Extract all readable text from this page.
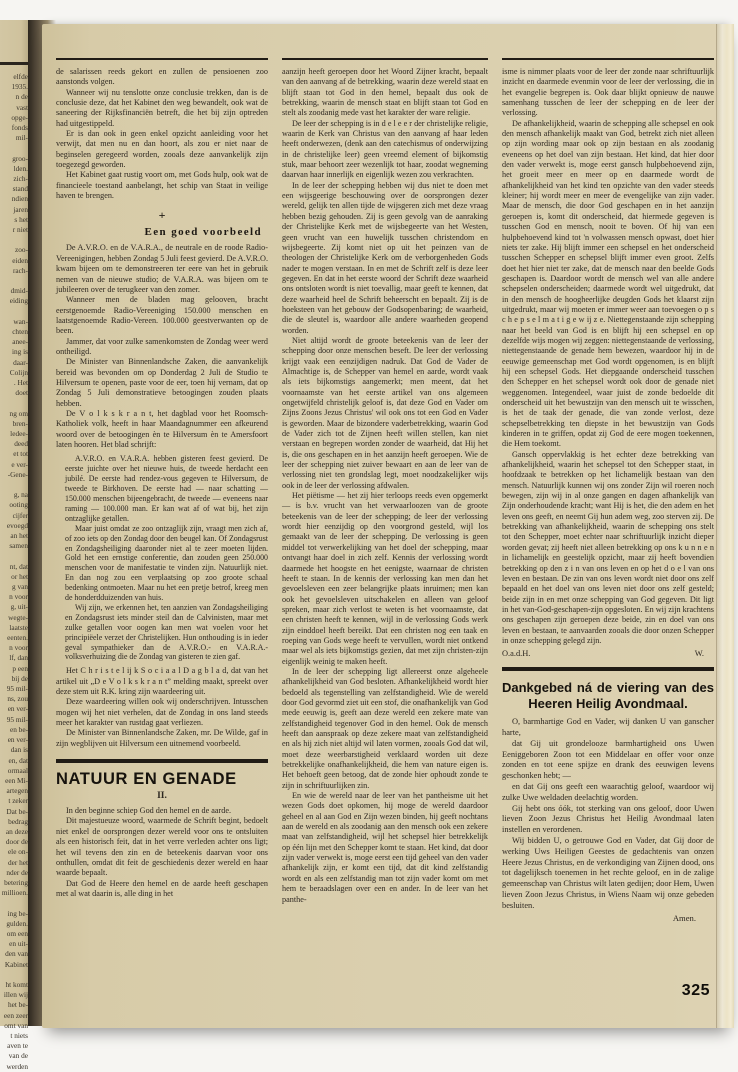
elfde
1935.
n de
vast
opge-
fonds
mil-
groo-
lden.
zich-
stand
ndien
jaren
s het
r niet
zoo-
eiden
rach-
dmid-
eiding
wan-
chten
anee-
ing is
daar-
Colijn
. Het
doet
ng om
bren-
ledee-
deed
et tot
e ver-
-Gene-
g, na
ooting
cijfer
evoegd
an het
samen
nt, dat
or het
g van
n voor
g, uit-
wegte-
laatste
eenten.
n voor
lf, dan
p een
bij de
95 mil-
ns, zou
en ver-
95 mil-
en be-
en ver-
dan is
en, dat
ormaal
een Mi-
artegen
t zeker
Dat be-
bedrag
an deze
door de
ele on-
der het
nder de
betering
millioen.
ing be-
gulden.
om een
en uit-
den van
Kabinet
ht komt
illen wij
het be-
een zeer
omt van
t niets
aven te
van de
werden
de salarissen reeds gekort en zullen de pensioenen zoo aanstonds volgen.
Wanneer wij nu tenslotte onze conclusie trekken, dan is de conclusie deze, dat het Kabinet den weg bewandelt, ook wat de saneering der Rijksfinanciën betreft, die het bij zijn optreden had uitgestippeld.
Er is dan ook in geen enkel opzicht aanleiding voor het verwijt, dat men nu en dan hoort, als zou er niet naar de beginselen geregeerd worden, zooals deze aanvankelijk zijn toegezegd geworden.
Het Kabinet gaat rustig voort om, met Gods hulp, ook wat de financieele toestand aanbelangt, het schip van Staat in veilige haven te brengen.
+
Een goed voorbeeld
De A.V.R.O. en de V.A.R.A., de neutrale en de roode Radio-Vereenigingen, hebben Zondag 5 Juli feest gevierd. De A.V.R.O. kwam bijeen om te demonstreeren ter eere van het in gebruik nemen van de nieuwe studio; de V.A.R.A. was bijeen om te jubileeren over de terugkeer van den zomer.
Wanneer men de bladen mag gelooven, bracht eerstgenoemde Radio-Vereeniging 150.000 menschen en laatstgenoemde Radio-Vereen. 100.000 geestverwanten op de been.
Jammer, dat voor zulke samenkomsten de Zondag weer werd ontheiligd.
De Minister van Binnenlandsche Zaken, die aanvankelijk bereid was bevonden om op Donderdag 2 Juli de Studio te Hilversum te openen, paste voor de eer, toen hij vernam, dat op Zondag 5 Juli demonstratieve betoogingen zouden plaats hebben.
De V o l k s k r a n t, het dagblad voor het Roomsch-Katholiek volk, heeft in haar Maandagnummer een afkeurend woord over de betoogingen èn te Hilversum èn te Amersfoort laten hooren. Het blad schrijft:
A.V.R.O. en V.A.R.A. hebben gisteren feest gevierd. De eerste juichte over het nieuwe huis, de tweede herdacht een jubilé. De eerste had rendez-vous gegeven te Hilversum, de tweede te Birkhoven. De eerste had — naar schatting — 150.000 menschen bijeengebracht, de tweede — eveneens naar raming — 100.000 man. Er kan wat af of wat bij, het zijn ontzaglijke getallen.
Maar juist omdat ze zoo ontzaglijk zijn, vraagt men zich af, of zoo iets op den Zondag door den beugel kan. Of Zondagsrust en Zondagsheiliging daaronder niet al te zeer moeten lijden. Gold het een ernstige conferentie, dan zouden geen 250.000 menschen voor de manifestatie te vinden zijn. Natuurlijk niet. En dan nog zou een verplaatsing op zoo groote schaal bedenking ontmoeten. Maar nu het een pretje betrof, kreeg men de honderdduizenden van huis.
Wij zijn, we erkennen het, ten aanzien van Zondagsheiliging en Zondagsrust iets minder steil dan de Calvinisten, maar met zulke getallen voor oogen kan men wat voelen voor het principiëele verzet der Christelijken. Hun onthouding is in ieder geval sympathieker dan de A.V.R.O.- en V.A.R.A.-volksverhuizing die de Zondag van gisteren te zien gaf.
Het C h r i s t e l ij k S o c i a a l D a g b l a d, dat van het artikel uit „D e V o l k s k r a n t” melding maakt, spreekt over deze stem uit R.K. kring zijn waardeering uit.
Deze waardeering willen ook wij onderschrijven. Intusschen mogen wij het niet verhelen, dat de Zondag in ons land steeds meer het karakter van rustdag gaat verliezen.
De Minister van Binnenlandsche Zaken, mr. De Wilde, gaf in zijn wegblijven uit Hilversum een uitnemend voorbeeld.
NATUUR EN GENADE
II.
In den beginne schiep God den hemel en de aarde.
Dit majestueuze woord, waarmede de Schrift begint, bedoelt niet enkel de oorsprongen dezer wereld voor ons te ontsluiten als een historisch feit, dat in het verre verleden achter ons ligt; het wil tevens den zin en de beteekenis daarvan voor ons onthullen, omdat dit feit de geschiedenis dezer wereld en haar waarde bepaalt.
Dat God de Heere den hemel en de aarde heeft geschapen met al wat daarin is, alle ding in het
aanzijn heeft geroepen door het Woord Zijner kracht, bepaalt van den aanvang af de betrekking, waarin deze wereld staat en blijft staan tot God in den hemel, bepaalt dus ook de betrekking, waarin de mensch staat en blijft staan tot God en stelt als zoodanig mede vast het karakter der ware religie.
De leer der schepping is in d e l e e r der christelijke religie, waarin de Kerk van Christus van den aanvang af haar leden heeft onderwezen, (denk aan den catechismus of onderwijzing in de christelijke leer) geen vreemd element of bijkomstig stuk, maar behoort zeer wezenlijk tot haar, zoodat wegneming daarvan haar innerlijk en eigenlijk wezen zou verkrachten.
In de leer der schepping hebben wij dus niet te doen met een wijsgeerige beschouwing over de oorsprongen dezer wereld, gelijk ten allen tijde de wijsgeren zich met deze vraag hebben bezig gehouden. Zij is geen gevolg van de aanraking der Christelijke Kerk met de wijsbegeerte van het Westen, geen vrucht van een huwelijk tusschen christendom en wijsbegeerte. Zij komt niet op uit het peinzen van de theologen der Christelijke Kerk om de verborgenheden Gods nader te mogen verstaan. In en met de Schrift zelf is deze leer gegeven. En dat in het eerste woord der Schrift deze waarheid ons ontsloten wordt is niet toevallig, maar geeft te kennen, dat deze waarheid heel de Schrift beheerscht en bepaalt. Zij is de hoeksteen van het gebouw der Godsopenbaring; de waarheid, die de sleutel is, waardoor alle andere waarheden geopend worden.
Niet altijd wordt de groote beteekenis van de leer der schepping door onze menschen beseft. De leer der verlossing krijgt vaak een eenzijdigen nadruk. Dat God de Vader de Almachtige is, de Schepper van hemel en aarde, wordt vaak als iets bijkomstigs aangemerkt; men meent, dat het voornaamste van het eerste artikel van ons algemeen ongetwijfeld christelijk geloof is, dat deze God en Vader om Zijns Zoons Jezus Christus' wil ook ons tot een God en Vader is geworden. Maar de bizondere vaderbetrekking, waarin God de Vader zich tot de Zijnen heeft willen stellen, kan niet verstaan en begrepen worden zonder de waarheid, dat Hij het is, die ons geschapen en in het aanzijn heeft geroepen. Wie de leer der schepping niet zuiver bewaart en aan de leer van de verlossing niet ten grondslag legt, moet noodzakelijker wijs ook in de leer der verlossing afdwalen.
Het piëtisme — het zij hier terloops reeds even opgemerkt — is b.v. vrucht van het verwaarloozen van de groote beteekenis van de leer der schepping; de leer der verlossing wordt hier eenzijdig op den voorgrond gesteld, wijl los gemaakt van de leer der schepping. De verlossing is geen middel tot verwerkelijking van het doel der schepping, maar ontvangt haar doel in zich zelf. Kennis der verlossing wordt daarmede het hoogste en het eenigste, waarnaar de christen heeft te staan. In de kennis der verlossing kan men dan het gevoelsleven een zeer belangrijke plaats inruimen; men kan ook het gevoelsleven uitschakelen en alleen van geloof spreken, maar zich verlost te weten is het voornaamste, dat een christen heeft te kennen, wijl in de verlossing Gods werk zijn einddoel heeft bereikt. Dat een christen nog een taak en roeping van Gods wege heeft te vervullen, wordt niet ontkend maar wel als iets bijkomstigs gezien, dat met zijn christen-zijn eigenlijk weinig te maken heeft.
In de leer der schepping ligt allereerst onze algeheele afhankelijkheid van God besloten. Afhankelijkheid wordt hier bedoeld als tegenstelling van zelfstandigheid. Wie de wereld door God gevormd ziet uit een stof, die onafhankelijk van God mede eeuwig is, geeft aan deze wereld een zekere mate van zelfstandigheid tegenover God in den hemel. Ook de mensch heeft dan aanspraak op deze zekere maat van zelfstandigheid en als hij zich niet altijd wil laten vormen, zooals God dat wil, moet deze weerbarstigheid verklaard worden uit deze betrekkelijke onafhankelijkheid, die hem van nature eigen is. Het behoeft geen betoog, dat de zonde hier ophoudt zonde te zijn in schriftuurlijken zin.
En wie de wereld naar de leer van het pantheisme uit het wezen Gods doet opkomen, hij moge de wereld daardoor geheel en al aan God en Zijn wezen binden, hij geeft nochtans aan de wereld en als zoodanig aan den mensch ook een zekere maat van zelfstandigheid, wijl het schepsel hier betrekkelijk op één lijn met den Schepper komt te staan. Het kind, dat door zijn vader verwekt is, moge eerst een tijd geheel van den vader afhankelijk zijn, er komt een tijd, dat dit kind zelfstandig wordt en als een zelfstandig man tot zijn vader komt om met hem te beraadslagen over een en ander. In de leer van het panthe-
isme is nimmer plaats voor de leer der zonde naar schriftuurlijk inzicht en daarmede evenmin voor de leer der verlossing, die in het evangelie begrepen is. Ook daar blijkt opnieuw de nauwe samenhang tusschen de leer der schepping en de leer der verlossing.
De afhankelijkheid, waarin de schepping alle schepsel en ook den mensch afhankelijk maakt van God, betrekt zich niet alleen op zijn wording maar ook op zijn bestaan en als zoodanig eveneens op het doel van zijn bestaan. Het kind, dat hier door den vader verwekt is, moge eerst gansch hulpbehoevend zijn, het groeit meer en meer op en daarmede wordt de afhankelijkheid van het kind ten opzichte van den vader steeds kleiner; hij wordt meer en meer de evengelijke van zijn vader. Maar de mensch, die door God geschapen en in het aanzijn geroepen is, komt dit onderscheid, dat hiermede gegeven is tusschen God en mensch, nooit te boven. Of hij van een hulpbehoevend kind tot 'n volwassen mensch opwast, doet hier niets ter zake. Hij blijft immer een schepsel en het onderscheid tusschen Schepper en schepsel blijft immer even groot. Zelfs doet het hier niet ter zake, dat de mensch naar den beelde Gods geschapen is. Daardoor wordt de mensch wel van alle andere schepselen onderscheiden; daarmede wordt wel uitgedrukt, dat in den mensch de hoogheerlijke deugden Gods het klaarst zijn uitgedrukt, maar wij moeten er immer weer aan toevoegen o p s c h e p s e l m a t i g e w ij z e. Niettegenstaande zijn schepping naar het beeld van God is en blijft hij een schepsel en op dezelfde wijs mogen wij zeggen: niettegenstaande de verlossing, niettegenstaande de genade hem bewezen, waardoor hij in de eeuwige gemeenschap met God wordt opgenomen, is en blijft hij een schepsel Gods. Het diepgaande onderscheid tusschen den Schepper en het schepsel wordt ook door de genade niet weggenomen. Integendeel, waar juist de zonde bedoelde dit onderscheid uit het bewustzijn van den mensch uit te wisschen, is het de taak der genade, die van zonde verlost, deze schepselbetrekking ten diepste in het bewustzijn van Gods kinderen in te griffen, opdat zij God de eere mogen toekennen, die Hem toekomt.
Gansch oppervlakkig is het echter deze betrekking van afhankelijkheid, waarin het schepsel tot den Schepper staat, in hoofdzaak te betrekken op het lichamelijk bestaan van den mensch. Natuurlijk kunnen wij ons zonder Zijn wil roeren noch bewegen, zijn wij in al onze gangen en dagen afhankelijk van Zijn onderhoudende kracht; want Hij is het, die den adem en het leven ons geeft, en neemt Gij hun adem weg, zoo sterven zij. De betrekking van afhankelijkheid, waarin de schepping ons stelt tot den Schepper, moet echter naar schriftuurlijk inzicht dieper worden gevat; zij heeft niet alleen betrekking op ons k u n n e n in lichamelijk en geestelijk opzicht, maar zij heeft bovendien betrekking op den z i n van ons leven en op het d o e l van ons leven en bestaan. De zin van ons leven wordt niet door ons zelf bepaald en het doel van ons leven niet door ons zelf gesteld; beide zijn in en met onze schepping van God gegeven. Dit ligt in het van-God-geschapen-zijn opgesloten. En wij zijn krachtens ons geschapen zijn geroepen deze beide, zin en doel van ons leven en bestaan, te aanvaarden zooals die door onzen Schepper in onze schepping gelegd zijn.
O.a.d.H.	W.
Dankgebed ná de viering van des
Heeren Heilig Avondmaal.
O, barmhartige God en Vader, wij danken U van ganscher harte,
dat Gij uit grondelooze barmhartigheid ons Uwen Eeniggeboren Zoon tot een Middelaar en offer voor onze zonden en tot eene spijze en drank des eeuwigen levens geschonken hebt; —
en dat Gij ons geeft een waarachtig geloof, waardoor wij zulke Uwe weldaden deelachtig worden.
Gij hebt ons óók, tot sterking van ons geloof, door Uwen lieven Zoon Jezus Christus het Heilig Avondmaal laten instellen en verordenen.
Wij bidden U, o getrouwe God en Vader, dat Gij door de werking Uws Heiligen Geestes de gedachtenis van onzen Heere Jezus Christus, en de verkondiging van Zijnen dood, ons tot dagelijksch toenemen in het rechte geloof, en in de zalige gemeenschap van Christus wilt laten gedijen; door Hem, Uwen lieven Zoon Jezus Christus, in Wiens Naam wij onze gebeden besluiten.
Amen.
325
